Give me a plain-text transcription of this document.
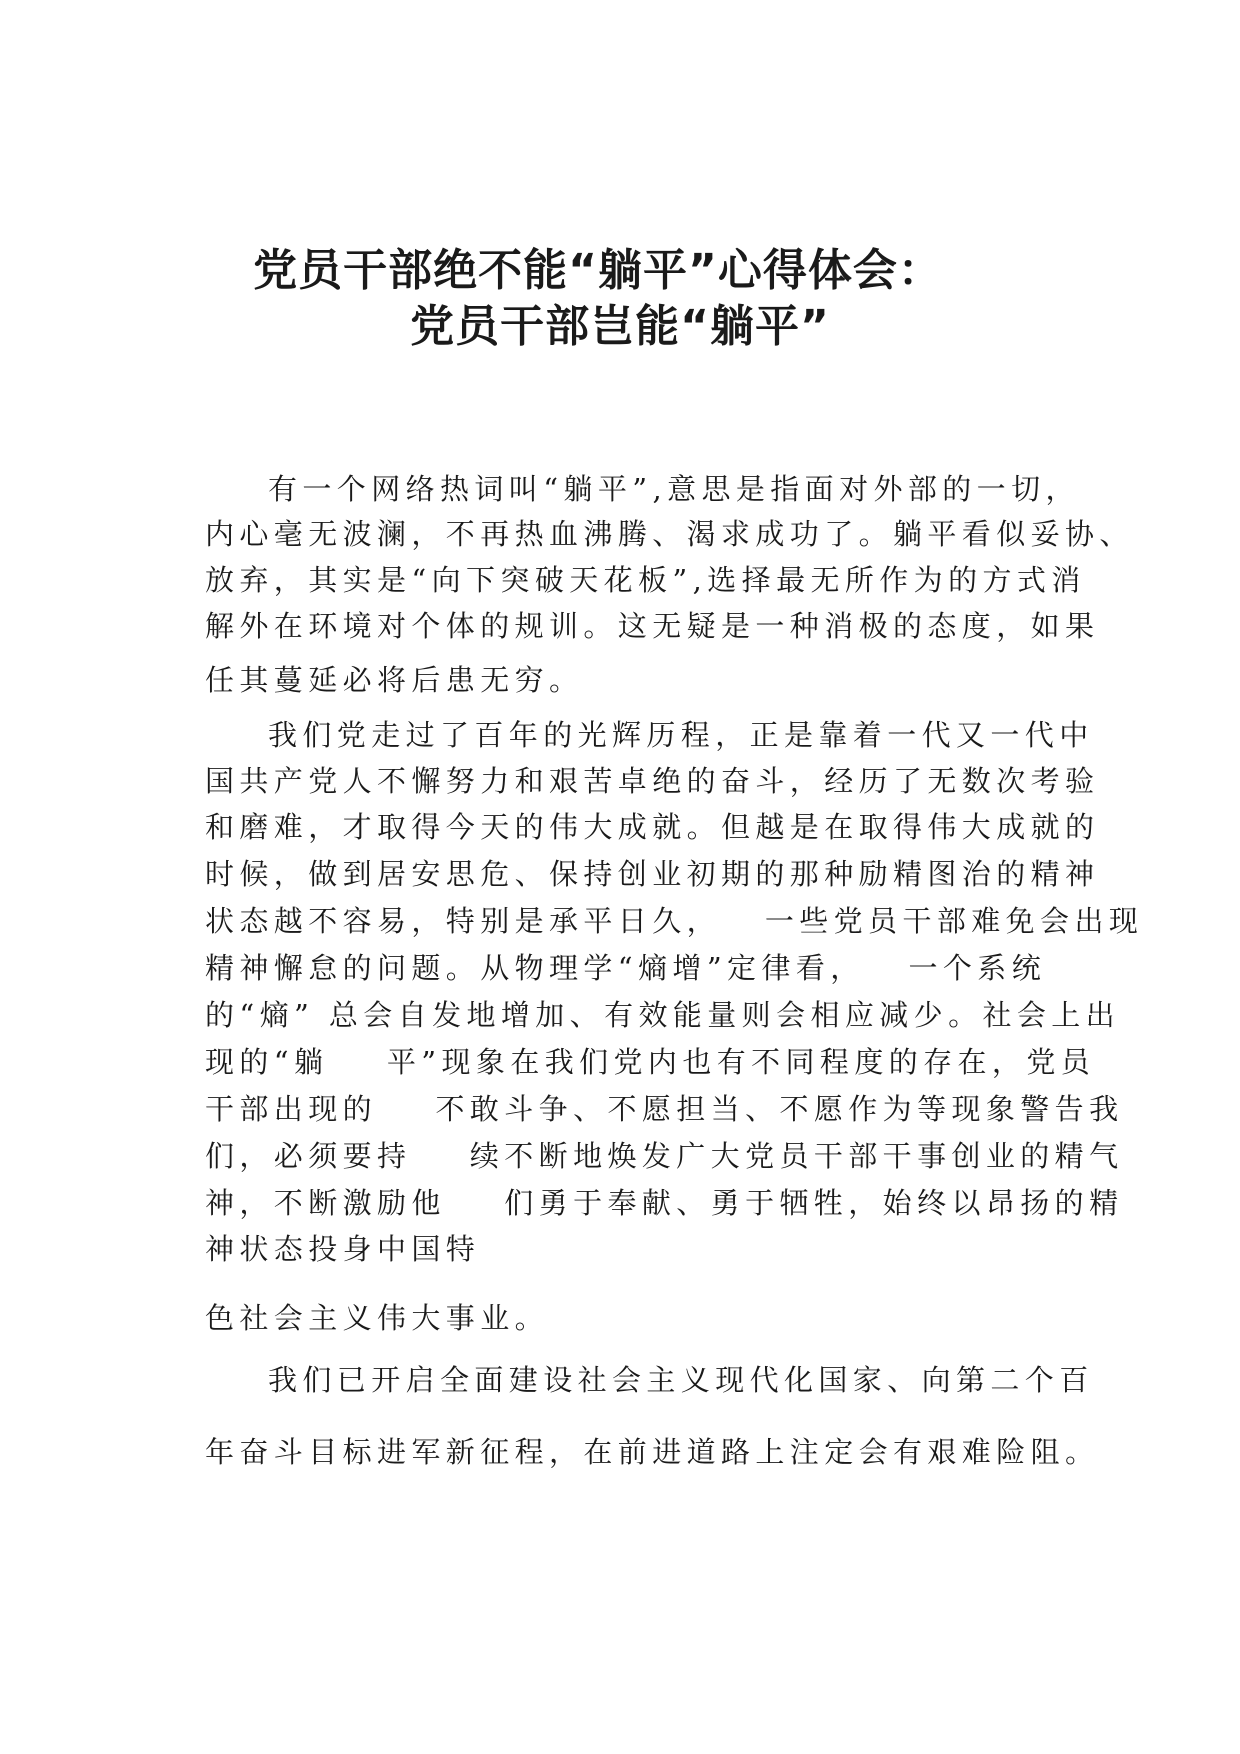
党员干部绝不能“躺平”心得体会：
党员干部岂能“躺平”

有一个网络热词叫“躺平”,意思是指面对外部的一切，

内心毫无波澜，不再热血沸腾、渴求成功了。躺平看似妥协、

放弃，其实是“向下突破天花板”,选择最无所作为的方式消

解外在环境对个体的规训。这无疑是一种消极的态度，如果

任其蔓延必将后患无穷。

我们党走过了百年的光辉历程，正是靠着一代又一代中

国共产党人不懈努力和艰苦卓绝的奋斗，经历了无数次考验

和磨难，才取得今天的伟大成就。但越是在取得伟大成就的

时候，做到居安思危、保持创业初期的那种励精图治的精神

状态越不容易，特别是承平日久，   一些党员干部难免会出现

精神懈怠的问题。从物理学“熵增”定律看，   一个系统

的“熵” 总会自发地增加、有效能量则会相应减少。社会上出

现的“躺    平”现象在我们党内也有不同程度的存在，党员

干部出现的    不敢斗争、不愿担当、不愿作为等现象警告我

们，必须要持    续不断地焕发广大党员干部干事创业的精气

神，不断激励他    们勇于奉献、勇于牺牲，始终以昂扬的精

神状态投身中国特

色社会主义伟大事业。

我们已开启全面建设社会主义现代化国家、向第二个百

年奋斗目标进军新征程，在前进道路上注定会有艰难险阻。
